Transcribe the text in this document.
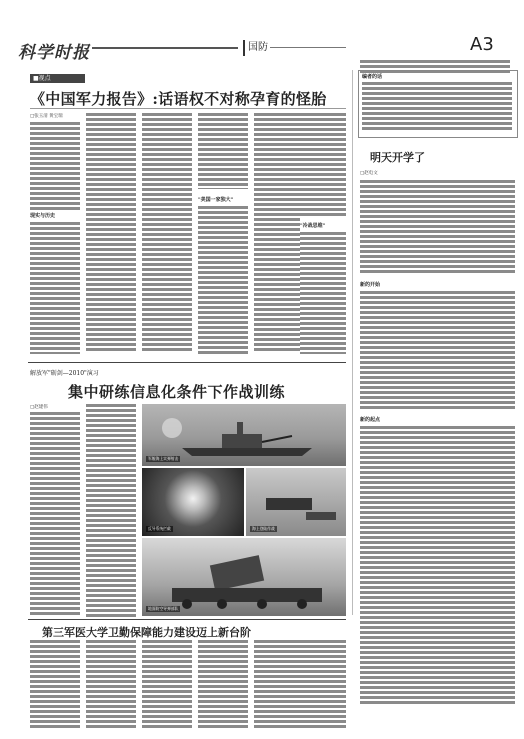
科学时报	国防	A3
■视点
《中国军力报告》:话语权不对称孕育的怪胎
□张玉清 黄宝瑞
现实与历史
"美国一家独大"
"冷战思维"
编者的话
明天开学了
□赵电文
新的开始
新的起点
解放军"砺剑—2010"演习
集中研练信息化条件下作战训练
□赵建伟
军舰海上实弹射击
反导系统拦截	海上登陆作战
地面防空导弹部队
第三军医大学卫勤保障能力建设迈上新台阶
